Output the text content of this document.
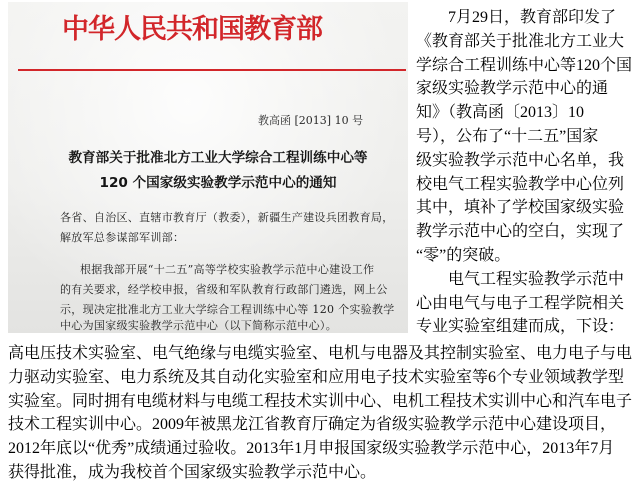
中华人民共和国教育部
教高函 [2013] 10 号
教育部关于批准北方工业大学综合工程训练中心等
120 个国家级实验教学示范中心的通知
各省、自治区、直辖市教育厅（教委），新疆生产建设兵团教育局，
解放军总参谋部军训部：
根据我部开展“十二五”高等学校实验教学示范中心建设工作
的有关要求，经学校申报，省级和军队教育行政部门遴选，网上公
示，现决定批准北方工业大学综合工程训练中心等 120 个实验教学
中心为国家级实验教学示范中心（以下简称示范中心）。
7月29日，教育部印发了
《教育部关于批准北方工业大
学综合工程训练中心等120个国
家级实验教学示范中心的通
知》（教高函〔2013〕10
号），公布了“十二五”国家
级实验教学示范中心名单，我
校电气工程实验教学中心位列
其中，填补了学校国家级实验
教学示范中心的空白，实现了
“零”的突破。
电气工程实验教学示范中
心由电气与电子工程学院相关
专业实验室组建而成，下设：
高电压技术实验室、电气绝缘与电缆实验室、电机与电器及其控制实验室、电力电子与电
力驱动实验室、电力系统及其自动化实验室和应用电子技术实验室等6个专业领域教学型
实验室。同时拥有电缆材料与电缆工程技术实训中心、电机工程技术实训中心和汽车电子
技术工程实训中心。2009年被黑龙江省教育厅确定为省级实验教学示范中心建设项目，
2012年底以“优秀”成绩通过验收。2013年1月申报国家级实验教学示范中心，2013年7月
获得批准，成为我校首个国家级实验教学示范中心。
